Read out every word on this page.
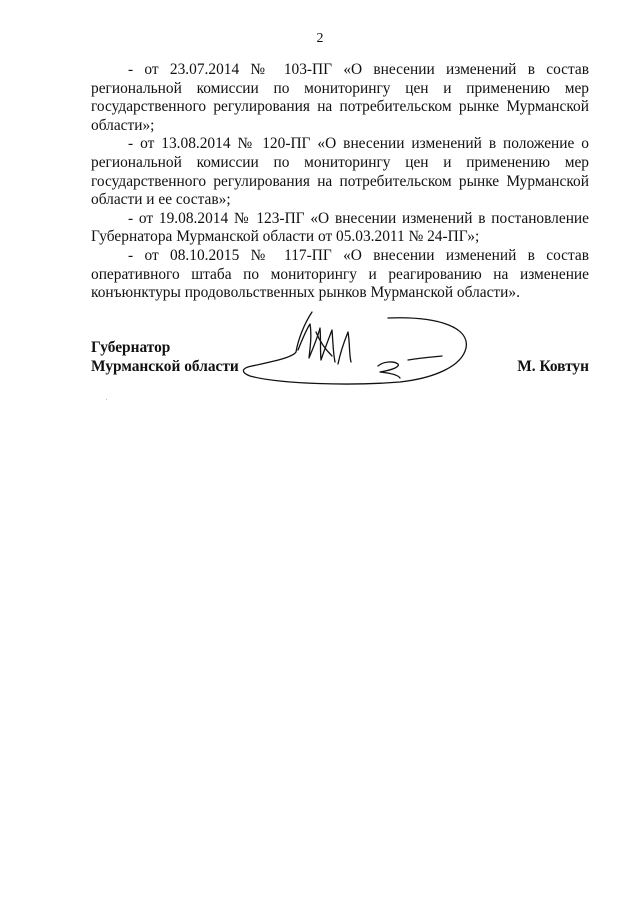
2

- от 23.07.2014 № 103-ПГ «О внесении изменений в состав региональной комиссии по мониторингу цен и применению мер государственного регулирования на потребительском рынке Мурманской области»;

- от 13.08.2014 № 120-ПГ «О внесении изменений в положение о региональной комиссии по мониторингу цен и применению мер государственного регулирования на потребительском рынке Мурманской области и ее состав»;

- от 19.08.2014 № 123-ПГ «О внесении изменений в постановление Губернатора Мурманской области от 05.03.2011 № 24-ПГ»;

- от 08.10.2015 № 117-ПГ «О внесении изменений в состав оперативного штаба по мониторингу и реагированию на изменение конъюнктуры продовольственных рынков Мурманской области».

Губернатор
Мурманской области	М. Ковтун
